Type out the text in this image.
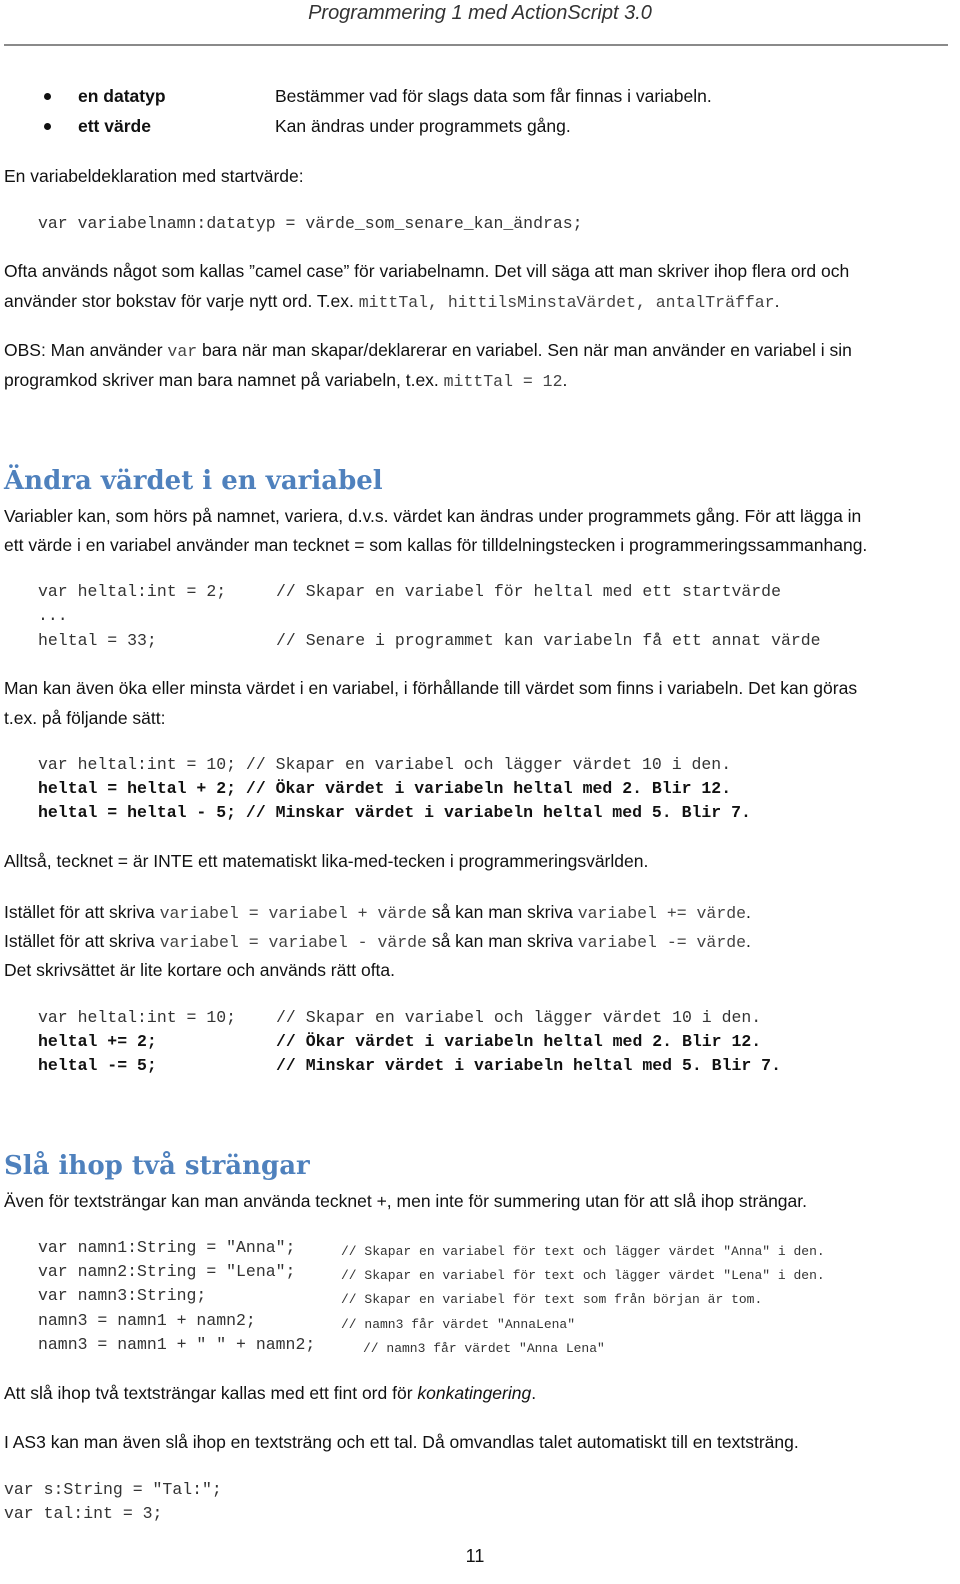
Programmering 1 med ActionScript 3.0
en datatyp	Bestämmer vad för slags data som får finnas i variabeln.
ett värde	Kan ändras under programmets gång.
En variabeldeklaration med startvärde:
var variabelnamn:datatyp = värde_som_senare_kan_ändras;
Ofta används något som kallas ”camel case” för variabelnamn. Det vill säga att man skriver ihop flera ord och
använder stor bokstav för varje nytt ord. T.ex. mittTal, hittilsMinstaVärdet, antalTräffar.
OBS: Man använder var bara när man skapar/deklarerar en variabel. Sen när man använder en variabel i sin
programkod skriver man bara namnet på variabeln, t.ex. mittTal = 12.
Ändra värdet i en variabel
Variabler kan, som hörs på namnet, variera, d.v.s. värdet kan ändras under programmets gång. För att lägga in
ett värde i en variabel använder man tecknet = som kallas för tilldelningstecken i programmeringssammanhang.
var heltal:int = 2;	// Skapar en variabel för heltal med ett startvärde
...
heltal = 33;	// Senare i programmet kan variabeln få ett annat värde
Man kan även öka eller minsta värdet i en variabel, i förhållande till värdet som finns i variabeln. Det kan göras
t.ex. på följande sätt:
var heltal:int = 10; // Skapar en variabel och lägger värdet 10 i den.
heltal = heltal + 2; // Ökar värdet i variabeln heltal med 2. Blir 12.
heltal = heltal - 5; // Minskar värdet i variabeln heltal med 5. Blir 7.
Alltså, tecknet = är INTE ett matematiskt lika-med-tecken i programmeringsvärlden.
Istället för att skriva variabel = variabel + värde så kan man skriva variabel += värde.
Istället för att skriva variabel = variabel - värde så kan man skriva variabel -= värde.
Det skrivsättet är lite kortare och används rätt ofta.
var heltal:int = 10; // Skapar en variabel och lägger värdet 10 i den.
heltal += 2;	// Ökar värdet i variabeln heltal med 2. Blir 12.
heltal -= 5;	// Minskar värdet i variabeln heltal med 5. Blir 7.
Slå ihop två strängar
Även för textsträngar kan man använda tecknet +, men inte för summering utan för att slå ihop strängar.
var namn1:String = "Anna";	// Skapar en variabel för text och lägger värdet "Anna" i den.
var namn2:String = "Lena";	// Skapar en variabel för text och lägger värdet "Lena" i den.
var namn3:String;	// Skapar en variabel för text som från början är tom.
namn3 = namn1 + namn2;	// namn3 får värdet "AnnaLena"
namn3 = namn1 + " " + namn2;	// namn3 får värdet "Anna Lena"
Att slå ihop två textsträngar kallas med ett fint ord för konkatingering.
I AS3 kan man även slå ihop en textsträng och ett tal. Då omvandlas talet automatiskt till en textsträng.
var s:String = "Tal:";
var tal:int = 3;
11
